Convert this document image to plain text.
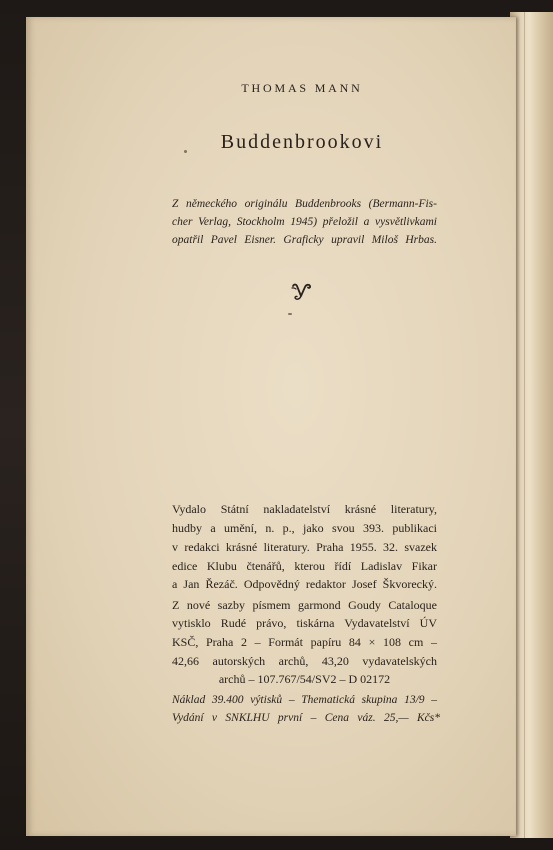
THOMAS MANN
Buddenbrookovi
Z německého originálu Buddenbrooks (Bermann-Fis-
cher Verlag, Stockholm 1945) přeložil a vysvětlivkami
opatřil Pavel Eisner. Graficky upravil Miloš Hrbas.
Vydalo Státní nakladatelství krásné literatury,
hudby a umění, n. p., jako svou 393. publikaci
v redakci krásné literatury. Praha 1955. 32. svazek
edice Klubu čtenářů, kterou řídí Ladislav Fikar
a Jan Řezáč. Odpovědný redaktor Josef Škvorecký.
Z nové sazby písmem garmond Goudy Cataloque
vytisklo Rudé právo, tiskárna Vydavatelství ÚV
KSČ, Praha 2 – Formát papíru 84 × 108 cm –
42,66 autorských archů, 43,20 vydavatelských
archů – 107.767/54/SV2 – D 02172
Náklad 39.400 výtisků – Thematická skupina 13/9 –
Vydání v SNKLHU první – Cena váz. 25,— Kčs*
